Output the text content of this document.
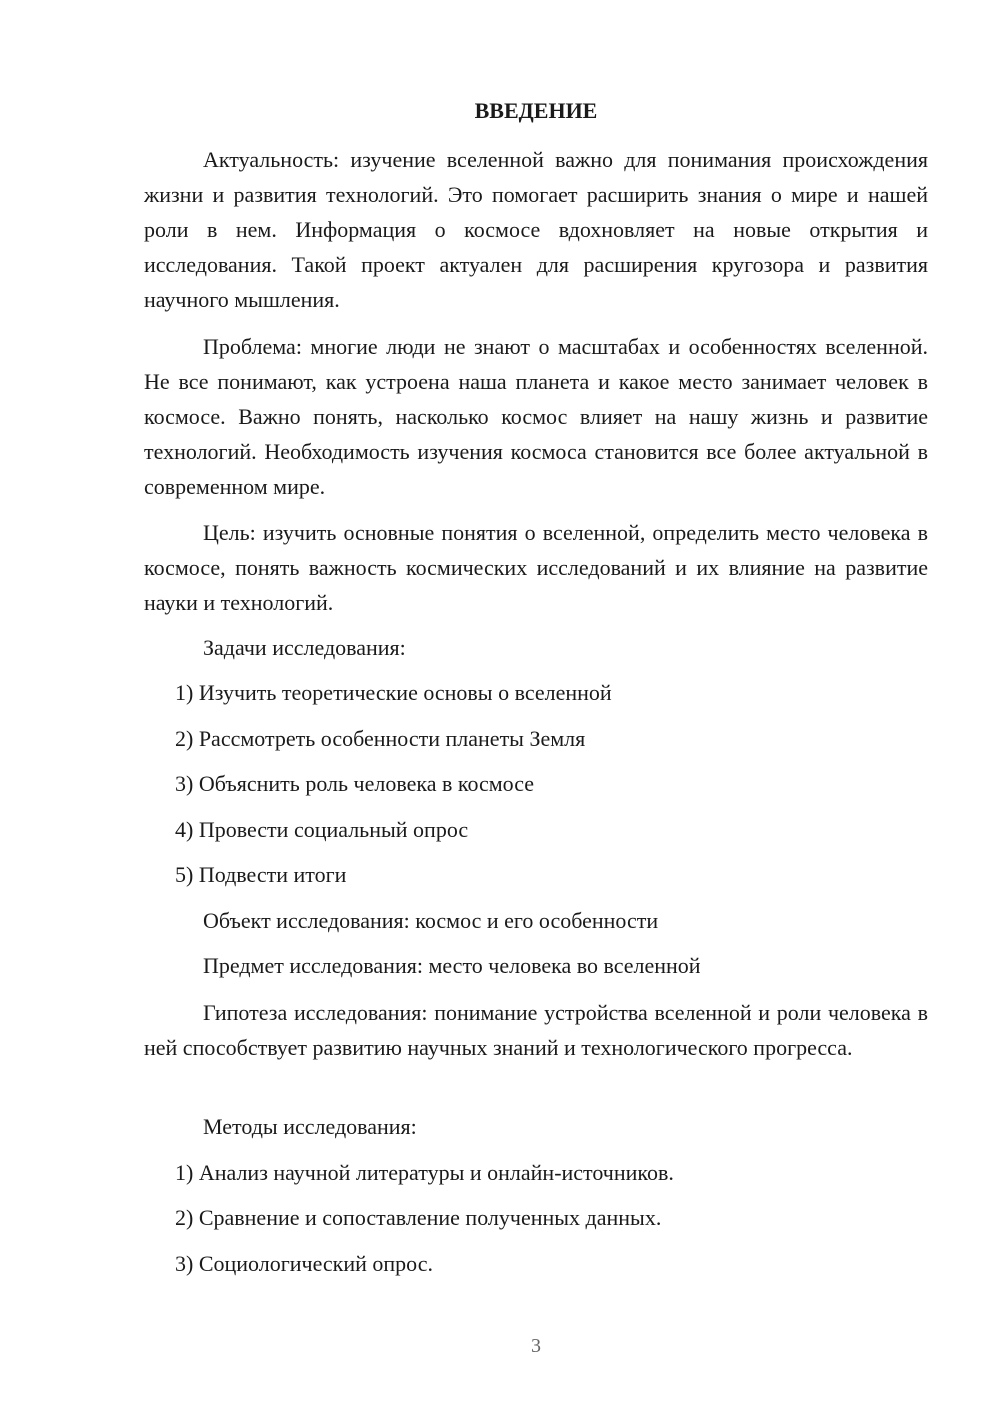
ВВЕДЕНИЕ

Актуальность: изучение вселенной важно для понимания происхождения жизни и развития технологий. Это помогает расширить знания о мире и нашей роли в нем. Информация о космосе вдохновляет на новые открытия и исследования. Такой проект актуален для расширения кругозора и развития научного мышления.

Проблема: многие люди не знают о масштабах и особенностях вселенной. Не все понимают, как устроена наша планета и какое место занимает человек в космосе. Важно понять, насколько космос влияет на нашу жизнь и развитие технологий. Необходимость изучения космоса становится все более актуальной в современном мире.

Цель: изучить основные понятия о вселенной, определить место человека в космосе, понять важность космических исследований и их влияние на развитие науки и технологий.

Задачи исследования:

1) Изучить теоретические основы о вселенной

2) Рассмотреть особенности планеты Земля

3) Объяснить роль человека в космосе

4) Провести социальный опрос

5) Подвести итоги

Объект исследования: космос и его особенности

Предмет исследования: место человека во вселенной

Гипотеза исследования: понимание устройства вселенной и роли человека в ней способствует развитию научных знаний и технологического прогресса.

Методы исследования:

1) Анализ научной литературы и онлайн-источников.

2) Сравнение и сопоставление полученных данных.

3) Социологический опрос.

3
